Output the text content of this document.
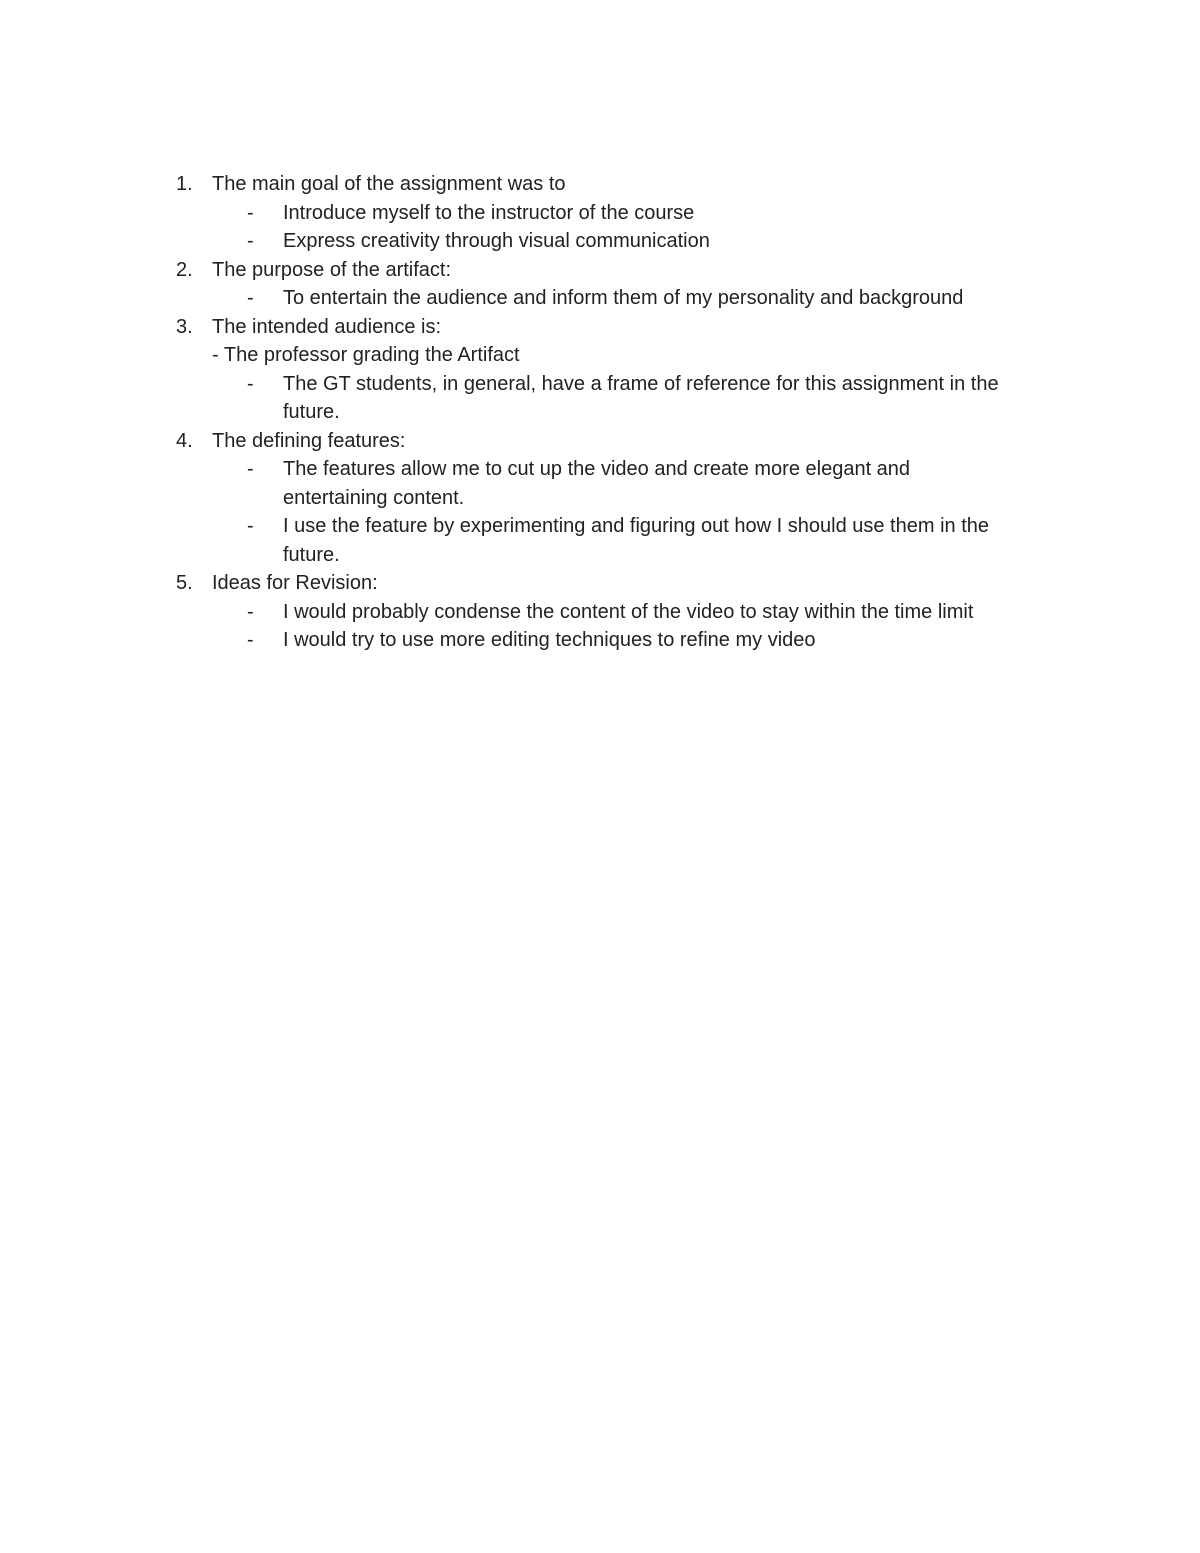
1. The main goal of the assignment was to
- Introduce myself to the instructor of the course
- Express creativity through visual communication
2. The purpose of the artifact:
- To entertain the audience and inform them of my personality and background
3. The intended audience is:
- The professor grading the Artifact
- The GT students, in general, have a frame of reference for this assignment in the
future.
4. The defining features:
- The features allow me to cut up the video and create more elegant and
entertaining content.
- I use the feature by experimenting and figuring out how I should use them in the
future.
5. Ideas for Revision:
- I would probably condense the content of the video to stay within the time limit
- I would try to use more editing techniques to refine my video
